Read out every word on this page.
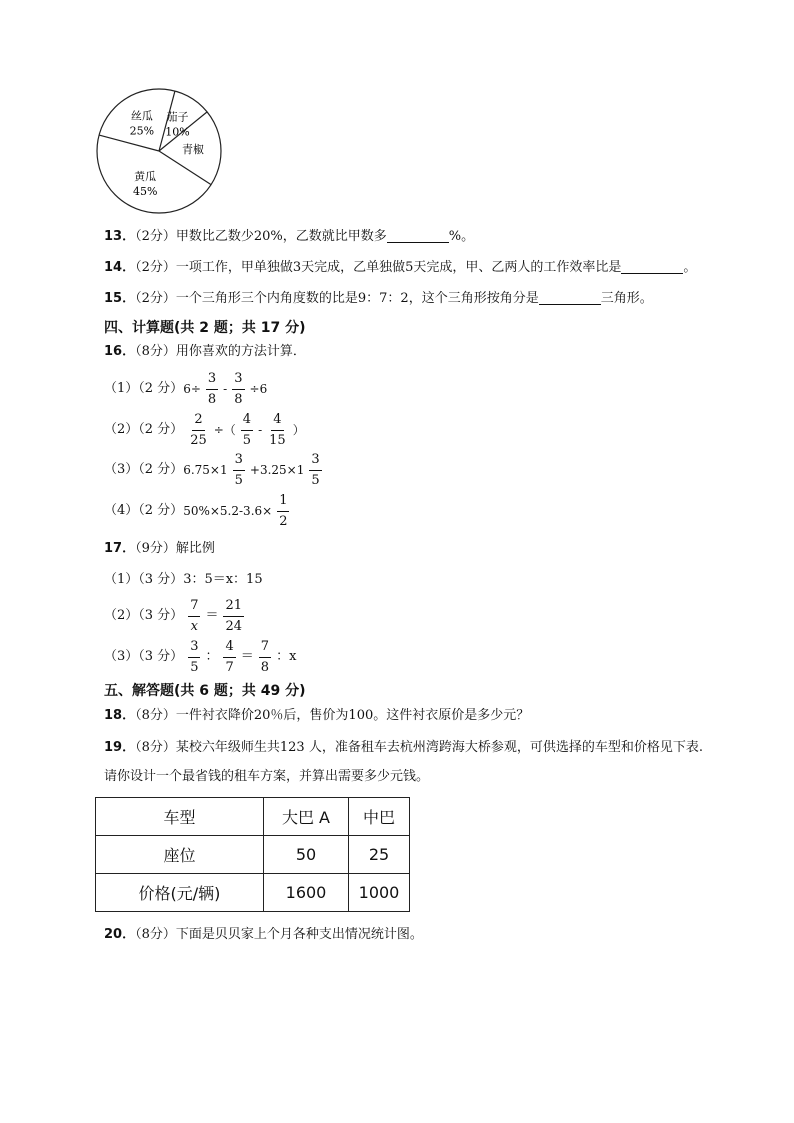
丝瓜
25%
茄子
10%
青椒
黄瓜
45%
13．（2分）甲数比乙数少20%，乙数就比甲数多	%。
14．（2分）一项工作，甲单独做3天完成，乙单独做5天完成，甲、乙两人的工作效率比是	。
15．（2分）一个三角形三个内角度数的比是9：7：2，这个三角形按角分是	三角形。
四、计算题(共 2 题；共 17 分)
16．（8分）用你喜欢的方法计算．
（1）（2 分） $6\div \frac{3}{8} - \frac{3}{8} \div 6$
（2）（2 分） $\frac{2}{25}$ ÷（ $\frac{4}{5} - \frac{4}{15}$ ）
（3）（2 分） $6.75\times 1 \frac{3}{5} +3.25\times 1 \frac{3}{5}$
（4）（2 分） $50\%\times 5.2-3.6\times \frac{1}{2}$
17．（9分）解比例
（1）（3 分）3：5＝x：15
（2）（3 分） $\frac{7}{x} = \frac{21}{24}$
（3）（3 分） $\frac{3}{5}$ ： $\frac{4}{7} = \frac{7}{8}$ ：x
五、解答题(共 6 题；共 49 分)
18．（8分）一件衬衣降价20％后，售价为100。这件衬衣原价是多少元？
19．（8分）某校六年级师生共123 人，准备租车去杭州湾跨海大桥参观，可供选择的车型和价格见下表.
请你设计一个最省钱的租车方案，并算出需要多少元钱。
车型	大巴 A	中巴
座位	50	25
价格(元/辆)	1600	1000
20．（8分）下面是贝贝家上个月各种支出情况统计图。
